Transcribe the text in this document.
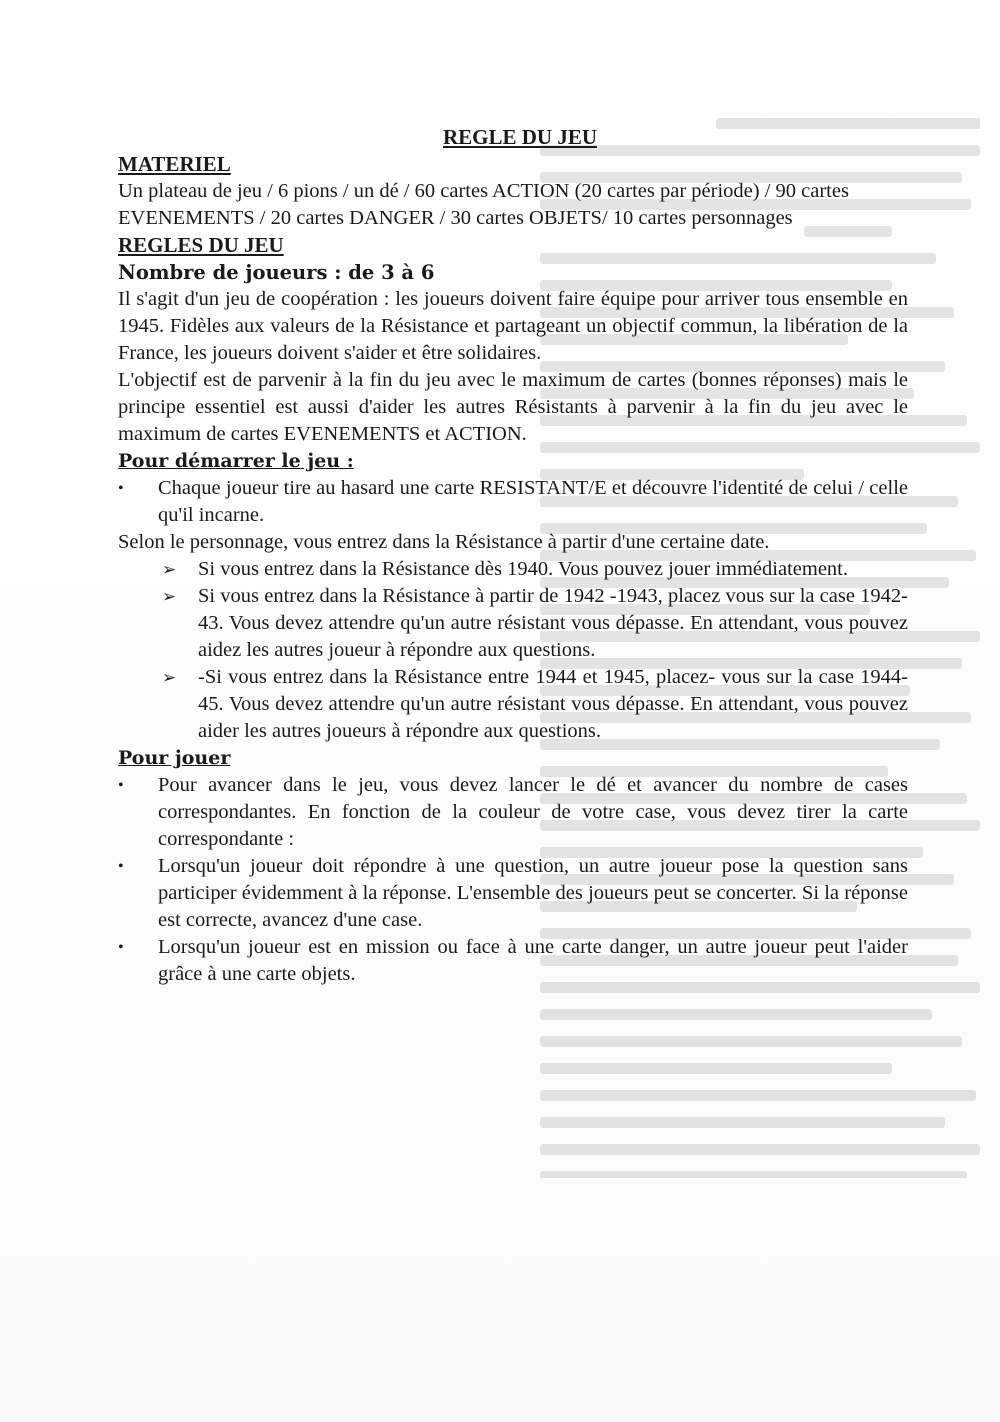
REGLE DU JEU
MATERIEL

Un plateau de jeu / 6 pions / un dé / 60 cartes ACTION (20 cartes par période) / 90 cartes EVENEMENTS / 20 cartes DANGER / 30 cartes OBJETS/ 10 cartes personnages

REGLES DU JEU
Nombre de joueurs : de 3 à 6

Il s'agit d'un jeu de coopération : les joueurs doivent faire équipe pour arriver tous ensemble en 1945. Fidèles aux valeurs de la Résistance et partageant un objectif commun, la libération de la France, les joueurs doivent s'aider et être solidaires.

L'objectif est de parvenir à la fin du jeu avec le maximum de cartes (bonnes réponses) mais le principe essentiel est aussi d'aider les autres Résistants à parvenir à la fin du jeu avec le maximum de cartes EVENEMENTS et ACTION.

Pour démarrer le jeu :
•	Chaque joueur tire au hasard une carte RESISTANT/E et découvre l'identité de celui / celle qu'il incarne.

Selon le personnage, vous entrez dans la Résistance à partir d'une certaine date.

➢ Si vous entrez dans la Résistance dès 1940. Vous pouvez jouer immédiatement.
➢ Si vous entrez dans la Résistance à partir de 1942 -1943, placez vous sur la case 1942- 43. Vous devez attendre qu'un autre résistant vous dépasse. En attendant, vous pouvez aidez les autres joueur à répondre aux questions.
➢ -Si vous entrez dans la Résistance entre 1944 et 1945, placez- vous sur la case 1944- 45. Vous devez attendre qu'un autre résistant vous dépasse. En attendant, vous pouvez aider les autres joueurs à répondre aux questions.
Pour jouer
•	Pour avancer dans le jeu, vous devez lancer le dé et avancer du nombre de cases correspondantes. En fonction de la couleur de votre case, vous devez tirer la carte correspondante :
•	Lorsqu'un joueur doit répondre à une question, un autre joueur pose la question sans participer évidemment à la réponse. L'ensemble des joueurs peut se concerter. Si la réponse est correcte, avancez d'une case.
•	Lorsqu'un joueur est en mission ou face à une carte danger, un autre joueur peut l'aider grâce à une carte objets.
